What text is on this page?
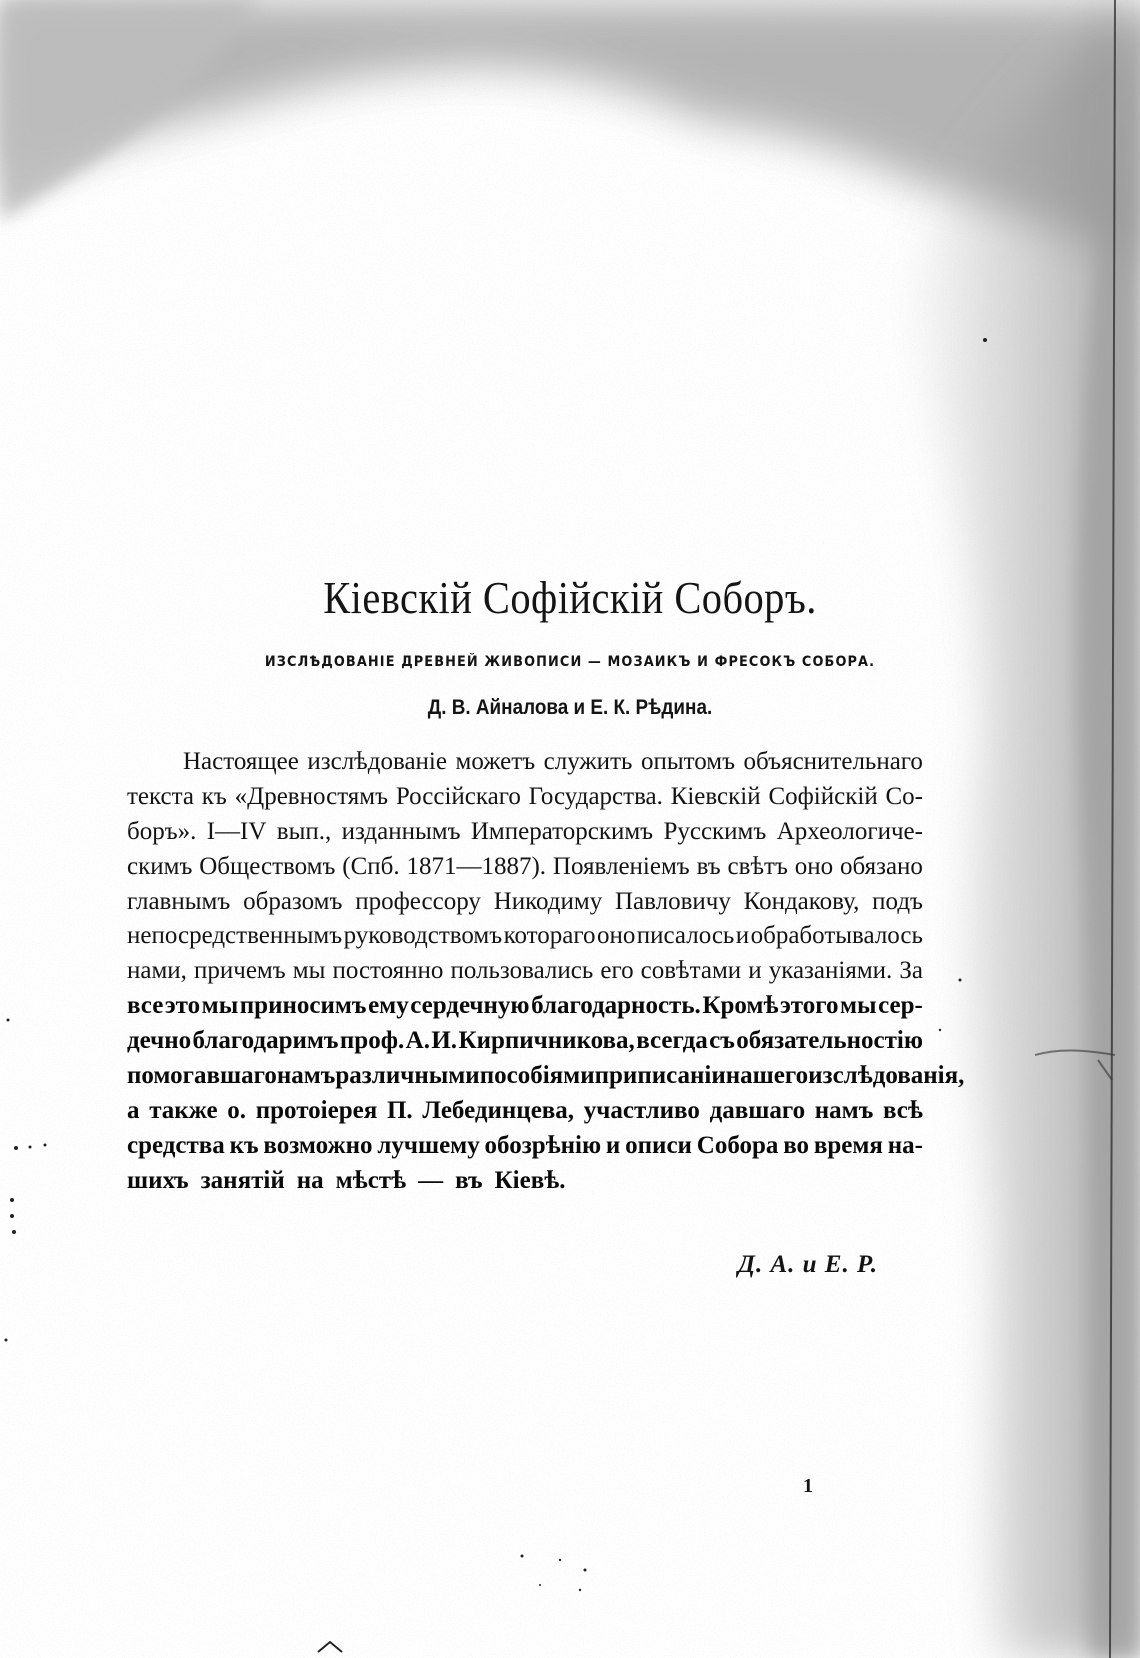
Кіевскій Софійскій Соборъ.
ИЗСЛѢДОВАНІЕ ДРЕВНЕЙ ЖИВОПИСИ — МОЗАИКЪ И ФРЕСОКЪ СОБОРА.
Д. В. Айналова и Е. К. Рѣдина.
Настоящее изслѣдованіе можетъ служить опытомъ объяснительнаго
текста къ «Древностямъ Россійскаго Государства. Кіевскій Софійскій Со-
боръ». I—IV вып., изданнымъ Императорскимъ Русскимъ Археологиче-
скимъ Обществомъ (Спб. 1871—1887). Появленіемъ въ свѣтъ оно обязано
главнымъ образомъ профессору Никодиму Павловичу Кондакову, подъ
непосредственнымъ руководствомъ котораго оно писалось и обработывалось
нами, причемъ мы постоянно пользовались его совѣтами и указаніями. За
все это мы приносимъ ему сердечную благодарность. Кромѣ этого мы сер-
дечно благодаримъ проф. А. И. Кирпичникова, всегда съ обязательностію
помогавшаго намъ различными пособіями при писаніи нашего изслѣдованія,
а также о. протоіерея П. Лебединцева, участливо давшаго намъ всѣ
средства къ возможно лучшему обозрѣнію и описи Собора во время на-
шихъ занятій на мѣстѣ — въ Кіевѣ.
Д. А. и Е. Р.
1
